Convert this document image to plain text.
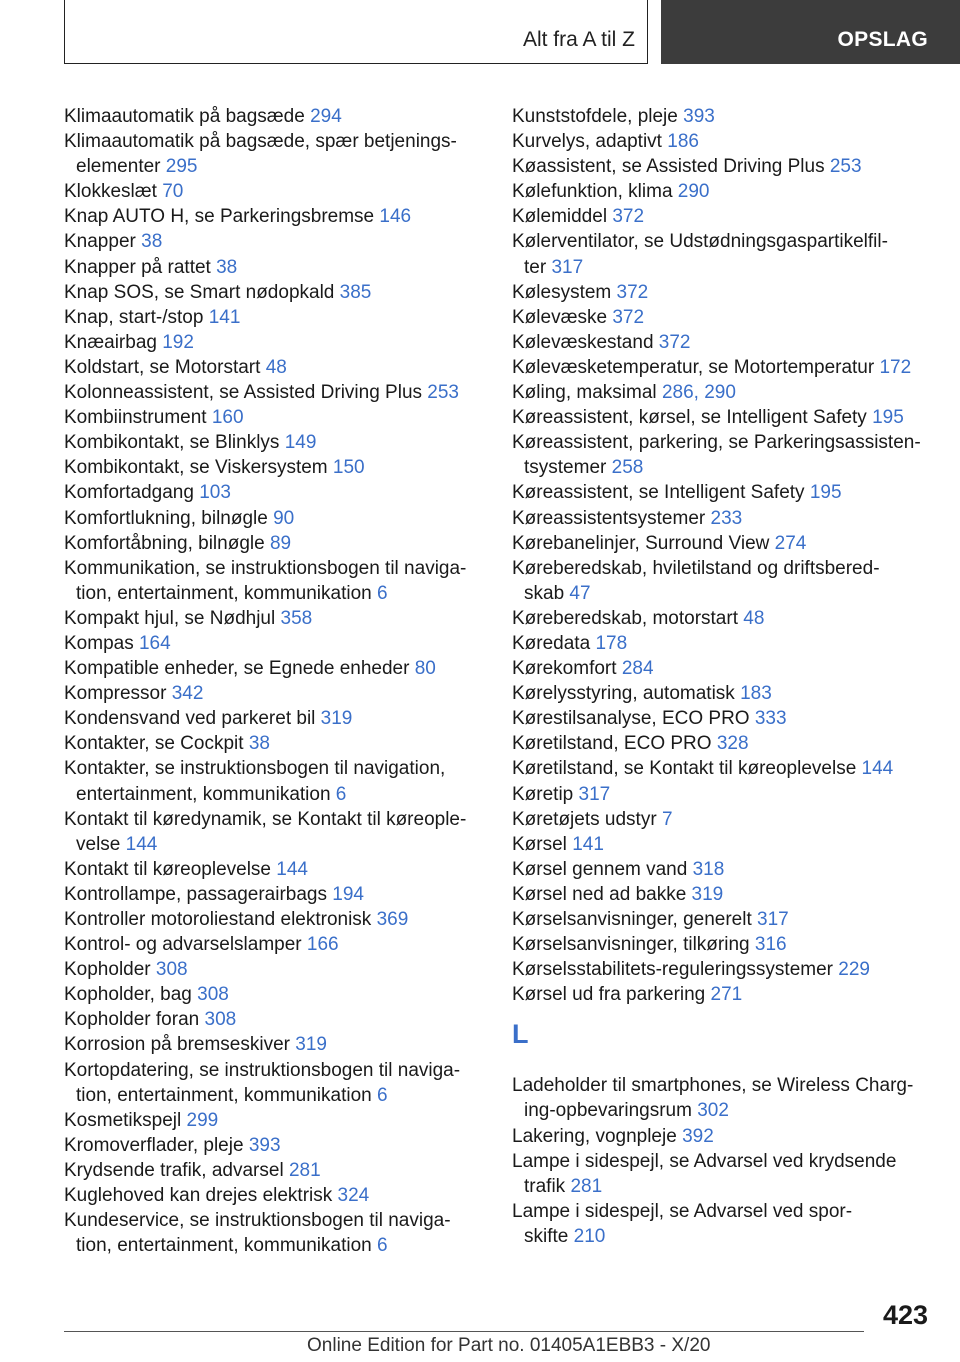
Alt fra A til Z	OPSLAG
Klimaautomatik på bagsæde 294
Klimaautomatik på bagsæde, spær betjenings-
elementer 295
Klokkeslæt 70
Knap AUTO H, se Parkeringsbremse 146
Knapper 38
Knapper på rattet 38
Knap SOS, se Smart nødopkald 385
Knap, start-/stop 141
Knæairbag 192
Koldstart, se Motorstart 48
Kolonneassistent, se Assisted Driving Plus 253
Kombiinstrument 160
Kombikontakt, se Blinklys 149
Kombikontakt, se Viskersystem 150
Komfortadgang 103
Komfortlukning, bilnøgle 90
Komfortåbning, bilnøgle 89
Kommunikation, se instruktionsbogen til naviga-
tion, entertainment, kommunikation 6
Kompakt hjul, se Nødhjul 358
Kompas 164
Kompatible enheder, se Egnede enheder 80
Kompressor 342
Kondensvand ved parkeret bil 319
Kontakter, se Cockpit 38
Kontakter, se instruktionsbogen til navigation,
entertainment, kommunikation 6
Kontakt til køredynamik, se Kontakt til køreople-
velse 144
Kontakt til køreoplevelse 144
Kontrollampe, passagerairbags 194
Kontroller motoroliestand elektronisk 369
Kontrol- og advarselslamper 166
Kopholder 308
Kopholder, bag 308
Kopholder foran 308
Korrosion på bremseskiver 319
Kortopdatering, se instruktionsbogen til naviga-
tion, entertainment, kommunikation 6
Kosmetikspejl 299
Kromoverflader, pleje 393
Krydsende trafik, advarsel 281
Kuglehoved kan drejes elektrisk 324
Kundeservice, se instruktionsbogen til naviga-
tion, entertainment, kommunikation 6
Kunststofdele, pleje 393
Kurvelys, adaptivt 186
Køassistent, se Assisted Driving Plus 253
Kølefunktion, klima 290
Kølemiddel 372
Kølerventilator, se Udstødningsgaspartikelfil-
ter 317
Kølesystem 372
Kølevæske 372
Kølevæskestand 372
Kølevæsketemperatur, se Motortemperatur 172
Køling, maksimal 286, 290
Køreassistent, kørsel, se Intelligent Safety 195
Køreassistent, parkering, se Parkeringsassisten-
tsystemer 258
Køreassistent, se Intelligent Safety 195
Køreassistentsystemer 233
Kørebanelinjer, Surround View 274
Køreberedskab, hviletilstand og driftsbered-
skab 47
Køreberedskab, motorstart 48
Køredata 178
Kørekomfort 284
Kørelysstyring, automatisk 183
Kørestilsanalyse, ECO PRO 333
Køretilstand, ECO PRO 328
Køretilstand, se Kontakt til køreoplevelse 144
Køretip 317
Køretøjets udstyr 7
Kørsel 141
Kørsel gennem vand 318
Kørsel ned ad bakke 319
Kørselsanvisninger, generelt 317
Kørselsanvisninger, tilkøring 316
Kørselsstabilitets-reguleringssystemer 229
Kørsel ud fra parkering 271
L
Ladeholder til smartphones, se Wireless Charg-
ing-opbevaringsrum 302
Lakering, vognpleje 392
Lampe i sidespejl, se Advarsel ved krydsende
trafik 281
Lampe i sidespejl, se Advarsel ved spor-
skifte 210
423
Online Edition for Part no. 01405A1EBB3 - X/20
